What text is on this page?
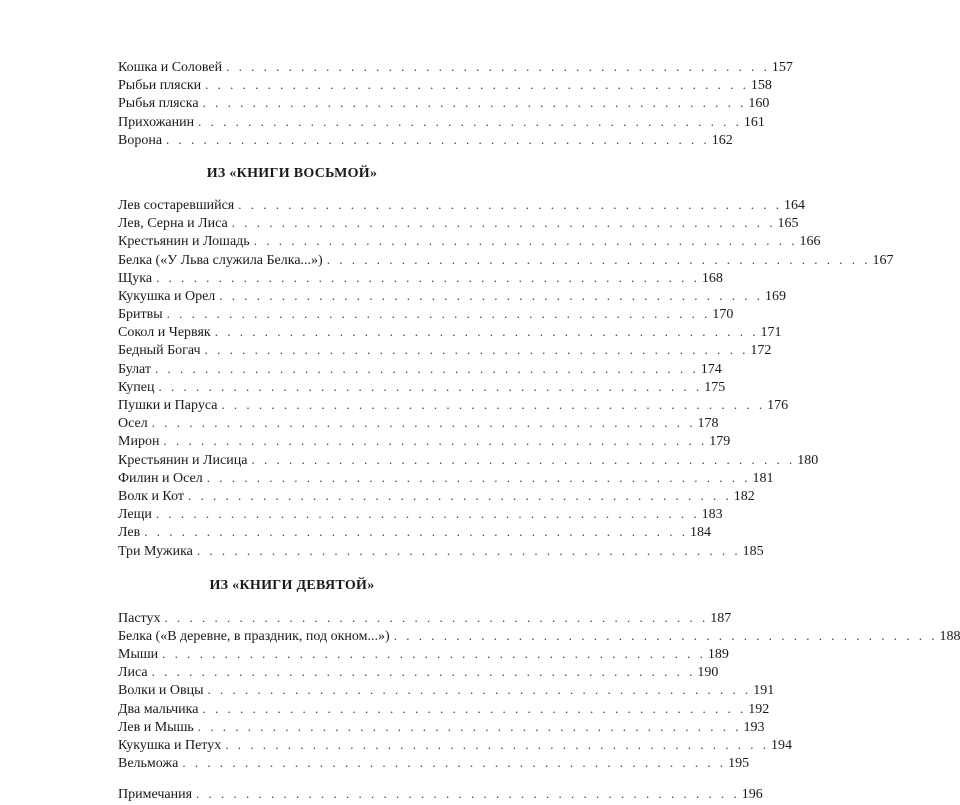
Кошка и Соловей . . . . . . . . . . . . . . . . . . . . . . . . . . . . . . . . . . . . . . . . . . . . 157
Рыбьи пляски . . . . . . . . . . . . . . . . . . . . . . . . . . . . . . . . . . . . . . . . . . . . 158
Рыбья пляска . . . . . . . . . . . . . . . . . . . . . . . . . . . . . . . . . . . . . . . . . . . . 160
Прихожанин . . . . . . . . . . . . . . . . . . . . . . . . . . . . . . . . . . . . . . . . . . . . 161
Ворона . . . . . . . . . . . . . . . . . . . . . . . . . . . . . . . . . . . . . . . . . . . . 162
ИЗ «КНИГИ ВОСЬМОЙ»
Лев состаревшийся . . . . . . . . . . . . . . . . . . . . . . . . . . . . . . . . . . . . . . . . . . . . 164
Лев, Серна и Лиса . . . . . . . . . . . . . . . . . . . . . . . . . . . . . . . . . . . . . . . . . . . . 165
Крестьянин и Лошадь . . . . . . . . . . . . . . . . . . . . . . . . . . . . . . . . . . . . . . . . . . . . 166
Белка («У Льва служила Белка...») . . . . . . . . . . . . . . . . . . . . . . . . . . . . . . . . . . . . . . . . . . . . 167
Щука . . . . . . . . . . . . . . . . . . . . . . . . . . . . . . . . . . . . . . . . . . . . 168
Кукушка и Орел . . . . . . . . . . . . . . . . . . . . . . . . . . . . . . . . . . . . . . . . . . . . 169
Бритвы . . . . . . . . . . . . . . . . . . . . . . . . . . . . . . . . . . . . . . . . . . . . 170
Сокол и Червяк . . . . . . . . . . . . . . . . . . . . . . . . . . . . . . . . . . . . . . . . . . . . 171
Бедный Богач . . . . . . . . . . . . . . . . . . . . . . . . . . . . . . . . . . . . . . . . . . . . 172
Булат . . . . . . . . . . . . . . . . . . . . . . . . . . . . . . . . . . . . . . . . . . . . 174
Купец . . . . . . . . . . . . . . . . . . . . . . . . . . . . . . . . . . . . . . . . . . . . 175
Пушки и Паруса . . . . . . . . . . . . . . . . . . . . . . . . . . . . . . . . . . . . . . . . . . . . 176
Осел . . . . . . . . . . . . . . . . . . . . . . . . . . . . . . . . . . . . . . . . . . . . 178
Мирон . . . . . . . . . . . . . . . . . . . . . . . . . . . . . . . . . . . . . . . . . . . . 179
Крестьянин и Лисица . . . . . . . . . . . . . . . . . . . . . . . . . . . . . . . . . . . . . . . . . . . . 180
Филин и Осел . . . . . . . . . . . . . . . . . . . . . . . . . . . . . . . . . . . . . . . . . . . . 181
Волк и Кот . . . . . . . . . . . . . . . . . . . . . . . . . . . . . . . . . . . . . . . . . . . . 182
Лещи . . . . . . . . . . . . . . . . . . . . . . . . . . . . . . . . . . . . . . . . . . . . 183
Лев . . . . . . . . . . . . . . . . . . . . . . . . . . . . . . . . . . . . . . . . . . . . 184
Три Мужика . . . . . . . . . . . . . . . . . . . . . . . . . . . . . . . . . . . . . . . . . . . . 185
ИЗ «КНИГИ ДЕВЯТОЙ»
Пастух . . . . . . . . . . . . . . . . . . . . . . . . . . . . . . . . . . . . . . . . . . . . 187
Белка («В деревне, в праздник, под окном...») . . . . . . . . . . . . . . . . . . . . . . . . . . . . . . . . . . . . . . . . . . . . 188
Мыши . . . . . . . . . . . . . . . . . . . . . . . . . . . . . . . . . . . . . . . . . . . . 189
Лиса . . . . . . . . . . . . . . . . . . . . . . . . . . . . . . . . . . . . . . . . . . . . 190
Волки и Овцы . . . . . . . . . . . . . . . . . . . . . . . . . . . . . . . . . . . . . . . . . . . . 191
Два мальчика . . . . . . . . . . . . . . . . . . . . . . . . . . . . . . . . . . . . . . . . . . . . 192
Лев и Мышь . . . . . . . . . . . . . . . . . . . . . . . . . . . . . . . . . . . . . . . . . . . . 193
Кукушка и Петух . . . . . . . . . . . . . . . . . . . . . . . . . . . . . . . . . . . . . . . . . . . . 194
Вельможа . . . . . . . . . . . . . . . . . . . . . . . . . . . . . . . . . . . . . . . . . . . . 195
Примечания . . . . . . . . . . . . . . . . . . . . . . . . . . . . . . . . . . . . . . . . . . . . 196
